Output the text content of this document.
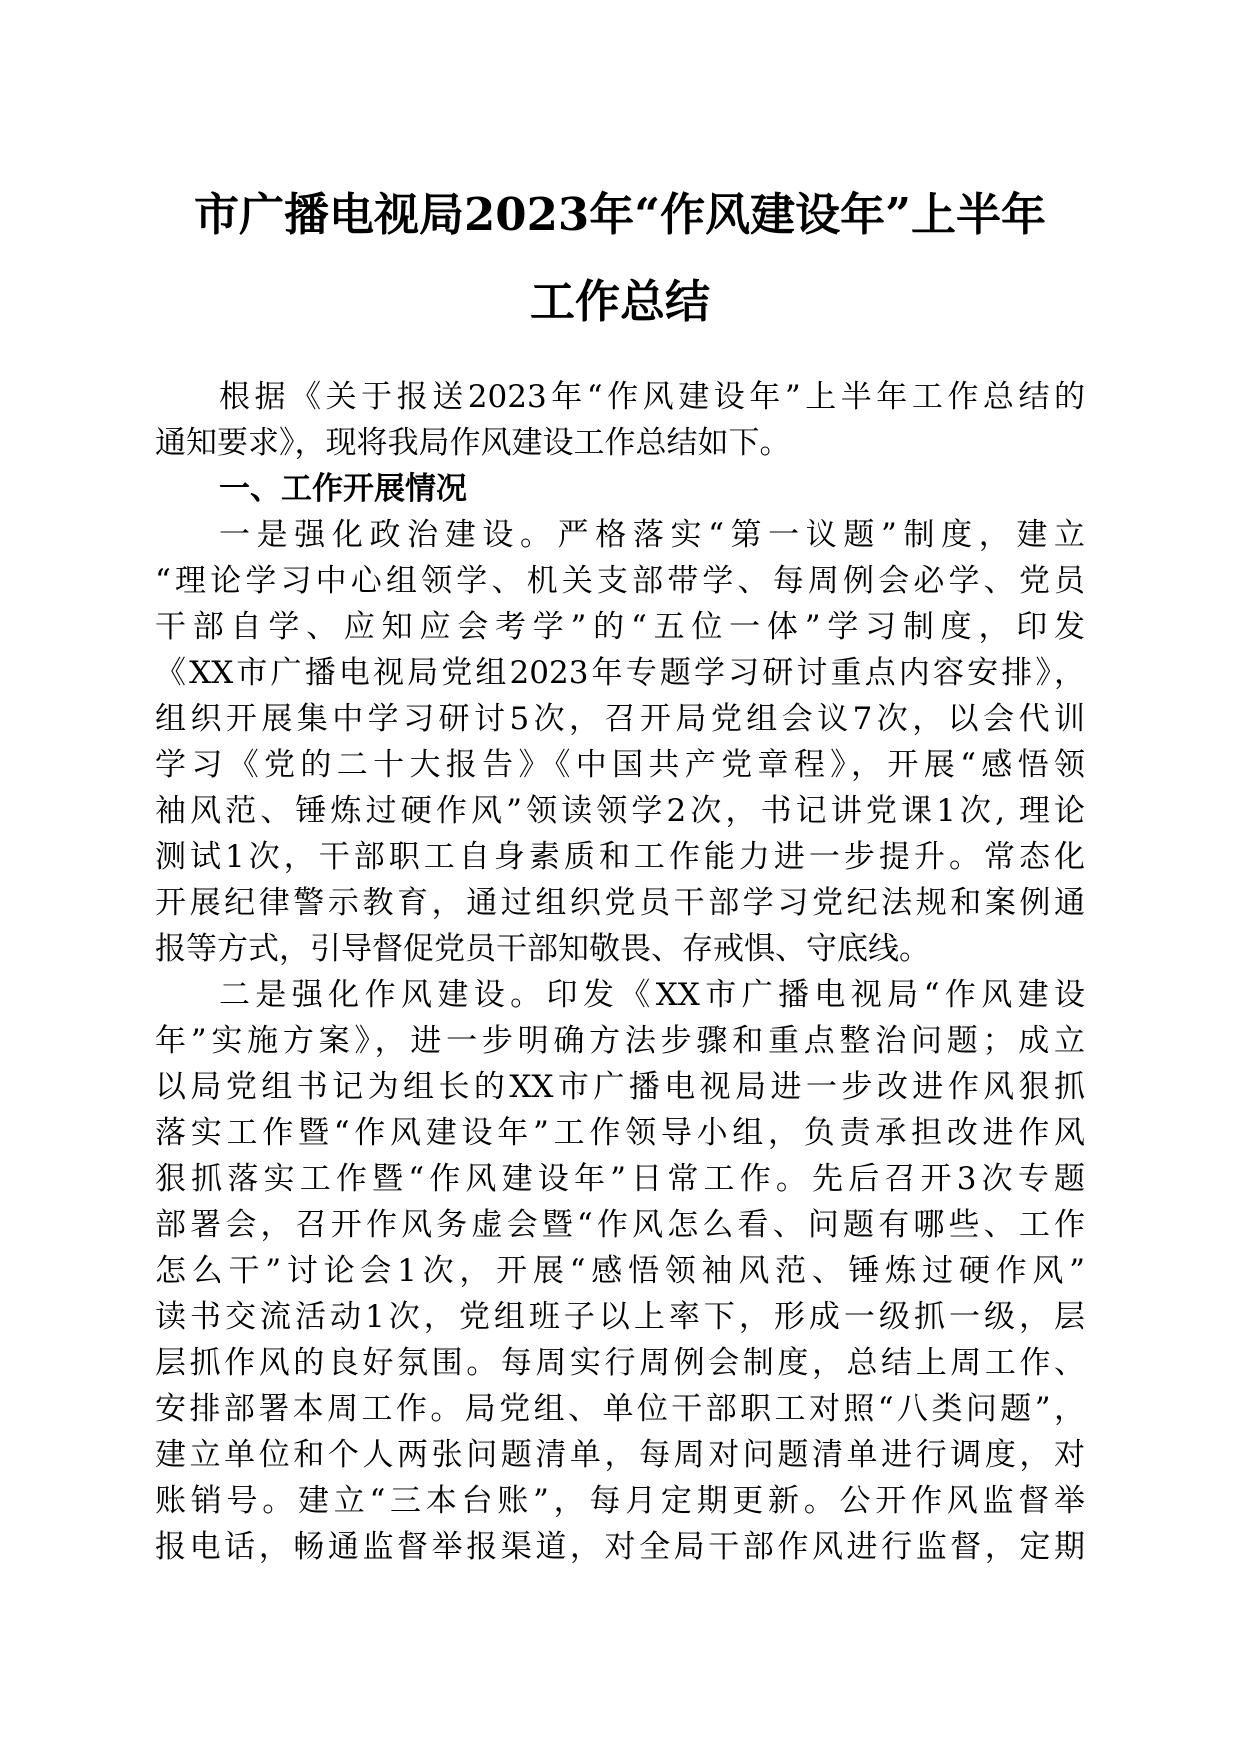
市广播电视局2023年“作风建设年”上半年
工作总结
根据《关于报送2023年“作风建设年”上半年工作总结的
通知要求》，现将我局作风建设工作总结如下。
一、工作开展情况
一是强化政治建设。严格落实“第一议题”制度，建立
“理论学习中心组领学、机关支部带学、每周例会必学、党员
干部自学、应知应会考学”的“五位一体”学习制度，印发
《XX市广播电视局党组2023年专题学习研讨重点内容安排》，
组织开展集中学习研讨5次，召开局党组会议7次，以会代训
学习《党的二十大报告》《中国共产党章程》，开展“感悟领
袖风范、锤炼过硬作风”领读领学2次，书记讲党课1次, 理论
测试1次，干部职工自身素质和工作能力进一步提升。常态化
开展纪律警示教育，通过组织党员干部学习党纪法规和案例通
报等方式，引导督促党员干部知敬畏、存戒惧、守底线。
二是强化作风建设。印发《XX市广播电视局“作风建设
年”实施方案》，进一步明确方法步骤和重点整治问题；成立
以局党组书记为组长的XX市广播电视局进一步改进作风狠抓
落实工作暨“作风建设年”工作领导小组，负责承担改进作风
狠抓落实工作暨“作风建设年”日常工作。先后召开3次专题
部署会，召开作风务虚会暨“作风怎么看、问题有哪些、工作
怎么干”讨论会1次，开展“感悟领袖风范、锤炼过硬作风”
读书交流活动1次，党组班子以上率下，形成一级抓一级，层
层抓作风的良好氛围。每周实行周例会制度，总结上周工作、
安排部署本周工作。局党组、单位干部职工对照“八类问题”，
建立单位和个人两张问题清单，每周对问题清单进行调度，对
账销号。建立“三本台账”，每月定期更新。公开作风监督举
报电话，畅通监督举报渠道，对全局干部作风进行监督，定期
